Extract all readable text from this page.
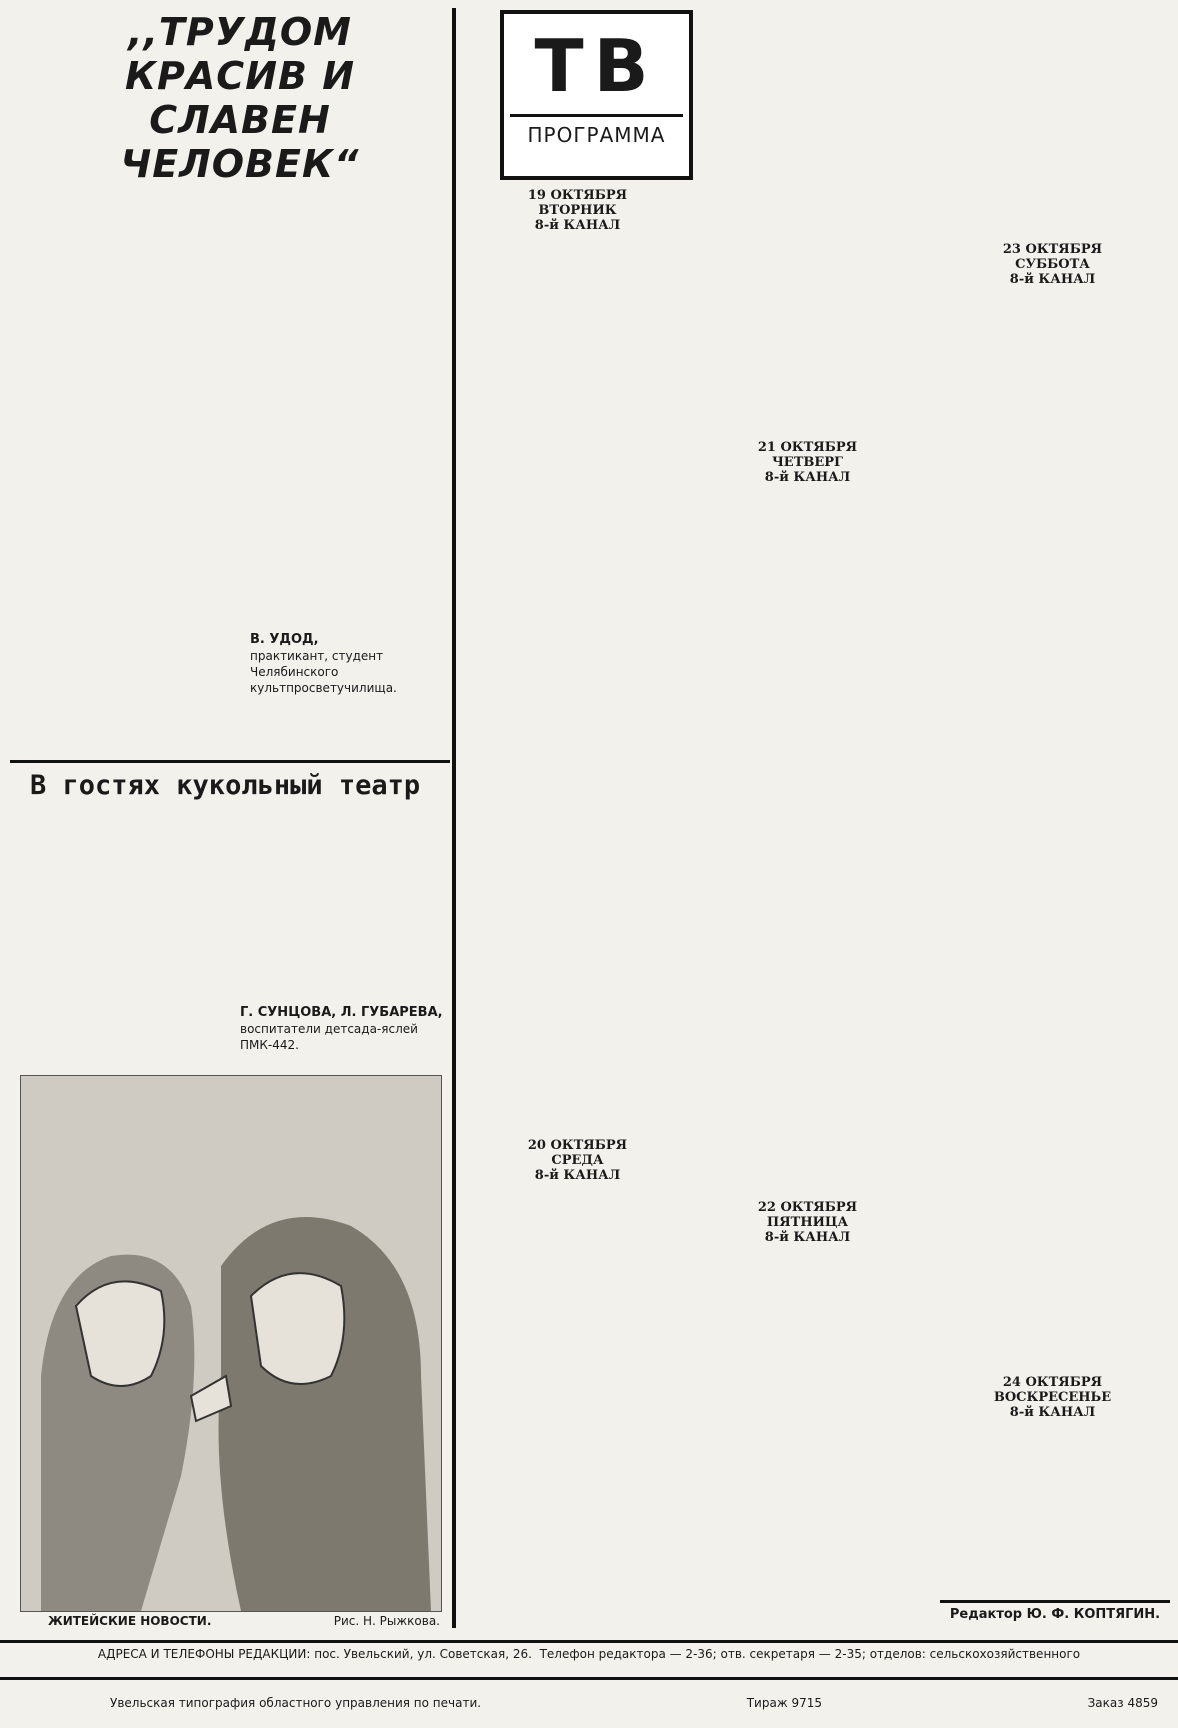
,,ТРУДОМ КРАСИВ И СЛАВЕН ЧЕЛОВЕК“
В. УДОД,
практикант, студент Челябинского культпросветучилища.
В гостях кукольный театр
Г. СУНЦОВА, Л. ГУБАРЕВА,
воспитатели детсада-яслей ПМК-442.
ЖИТЕЙСКИЕ НОВОСТИ.	Рис. Н. Рыжкова.
ТВ
ПРОГРАММА
19 ОКТЯБРЯ
ВТОРНИК
8-й КАНАЛ
20 ОКТЯБРЯ
СРЕДА
8-й КАНАЛ
21 ОКТЯБРЯ
ЧЕТВЕРГ
8-й КАНАЛ
22 ОКТЯБРЯ
ПЯТНИЦА
8-й КАНАЛ
23 ОКТЯБРЯ
СУББОТА
8-й КАНАЛ
24 ОКТЯБРЯ
ВОСКРЕСЕНЬЕ
8-й КАНАЛ
Редактор Ю. Ф. КОПТЯГИН.
АДРЕСА И ТЕЛЕФОНЫ РЕДАКЦИИ: пос. Увельский, ул. Советская, 26. Телефон редактора — 2-36; отв. секретаря — 2-35; отделов: сельскохозяйственного
Увельская типография областного управления по печати.	Тираж 9715	Заказ 4859
